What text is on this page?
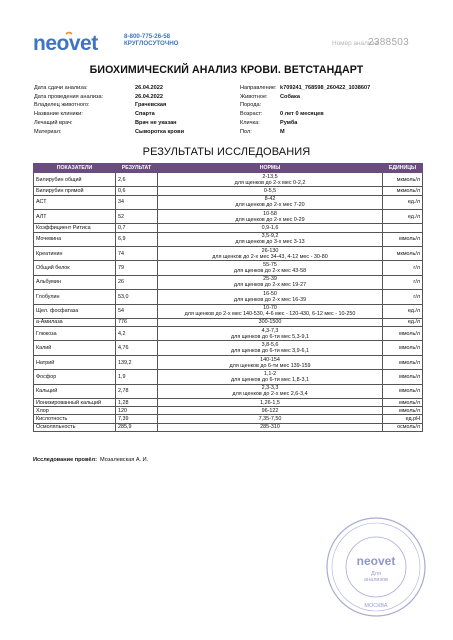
neovet	8-800-775-26-58
КРУГЛОСУТОЧНО	Номер анализа:
2388503
БИОХИМИЧЕСКИЙ АНАЛИЗ КРОВИ. ВЕТСТАНДАРТ
Дата сдачи анализа:	26.04.2022
Дата проведения анализа:	26.04.2022
Владелец животного:	Грачевская
Название клиники:	Спарта
Лечащий врач:	Врач не указан
Материал:	Сыворотка крови
Направление: k709241_768598_260422_1038607
Животное: Собака
Порода:
Возраст:	0 лет 0 месяцев
Кличка:	Румба
Пол:	М
РЕЗУЛЬТАТЫ ИССЛЕДОВАНИЯ
ПОКАЗАТЕЛИ	РЕЗУЛЬТАТ	НОРМЫ	ЕДИНИЦЫ
Билирубин общий	2,6	2-13,5
для щенков до 2-х мес 0-2,2	мкмоль/л
Билирубин прямой	0,6	0-5,5	мкмоль/л
АСТ	34	8-42
для щенков до 2-х мес 7-20	ед./л
АЛТ	52	10-58
для щенков до 2-х мес 0-29	ед./л
Коэффициент Ритиса	0,7	0,9-1,6	

Мочевина	6,9	3,5-9,2
для щенков до 3-х мес 3-13	ммоль/л
Креатинин	74	26-130
для щенков до 2-х мес 34-43, 4-12 мес - 30-80	мкмоль/л
Общий белок	79	55-75
для щенков до 2-х мес 43-58	г/л
Альбумин	26	25-39
для щенков до 2-х мес 19-27	г/л
Глобулин	53,0	16-50
для щенков до 2-х мес 16-39	г/л
Щел. фосфатаза	54	10-70
для щенков до 2-х мес 140-530, 4-6 мес - 120-430, 6-12 мес - 10-250	ед./л
а-Амилаза	776	300-1500	ед./л
Глюкоза	4,2	4,3-7,3
для щенков до 6-ти мес 5,3-9,1	ммоль/л
Калий	4,76	3,8-5,6
для щенков до 6-ти мес 3,9-6,1	ммоль/л
Натрий	139,2	140-154
для щенков до 6-ти мес 139-159	ммоль/л
Фосфор	1,9	1,1-2
для щенков до 6-ти мес 1,8-3,1	ммоль/л
Кальций	2,78	2,3-3,3
для щенков до 2-х мес 2,6-3,4	ммоль/л
Ионизированный кальций	1,28	1,26-1,5	ммоль/л
Хлор	120	96-122	ммоль/л
Кислотность	7,39	7,35-7,50	ед.pH
Осмоляльность	285,9	285-310	осмоль/л
Исследование провёл: Мозалевская А. И.
neovet
Для
анализов
МОСКВА
